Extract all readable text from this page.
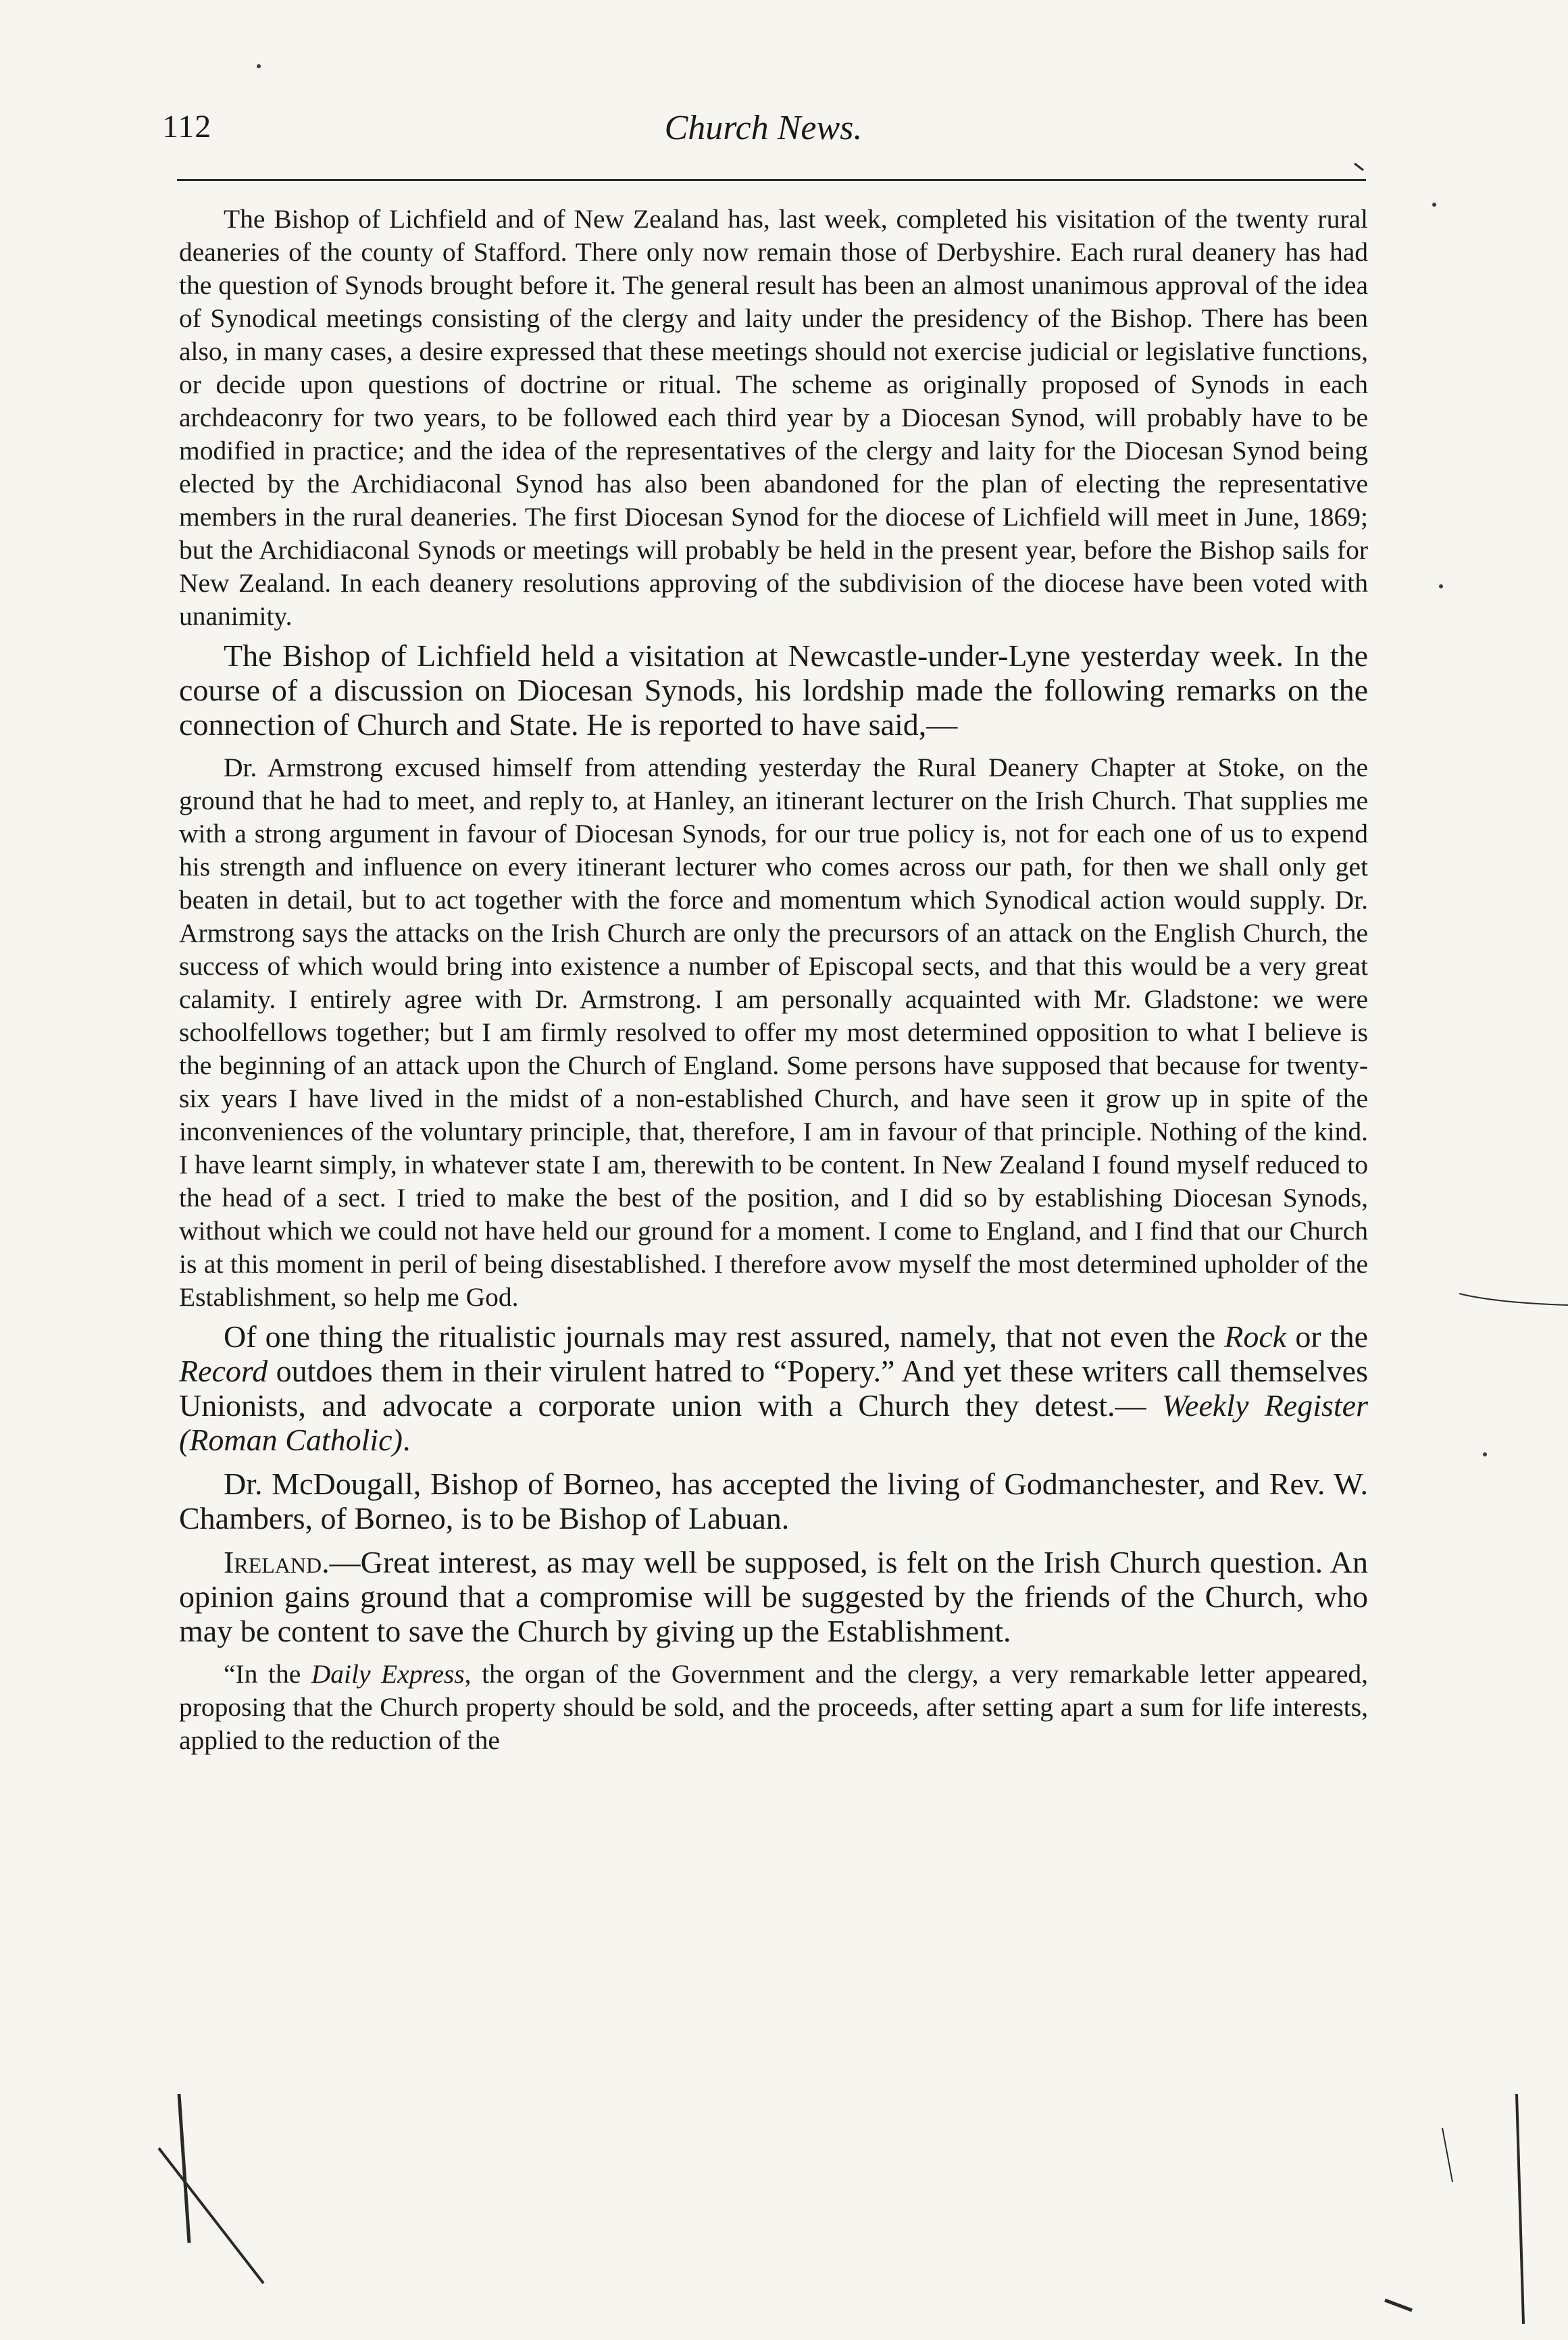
112	Church News.

The Bishop of Lichfield and of New Zealand has, last week, completed his visitation of the twenty rural deaneries of the county of Stafford. There only now remain those of Derbyshire. Each rural deanery has had the question of Synods brought before it. The general result has been an almost unanimous approval of the idea of Synodical meetings consisting of the clergy and laity under the presidency of the Bishop. There has been also, in many cases, a desire expressed that these meetings should not exercise judicial or legislative functions, or decide upon questions of doctrine or ritual. The scheme as originally proposed of Synods in each archdeaconry for two years, to be followed each third year by a Diocesan Synod, will probably have to be modified in practice; and the idea of the representatives of the clergy and laity for the Diocesan Synod being elected by the Archidiaconal Synod has also been abandoned for the plan of electing the representative members in the rural deaneries. The first Diocesan Synod for the diocese of Lichfield will meet in June, 1869; but the Archidiaconal Synods or meetings will probably be held in the present year, before the Bishop sails for New Zealand. In each deanery resolutions approving of the subdivision of the diocese have been voted with unanimity.

The Bishop of Lichfield held a visitation at Newcastle-under-Lyne yesterday week. In the course of a discussion on Diocesan Synods, his lordship made the following remarks on the connection of Church and State. He is reported to have said,—

Dr. Armstrong excused himself from attending yesterday the Rural Deanery Chapter at Stoke, on the ground that he had to meet, and reply to, at Hanley, an itinerant lecturer on the Irish Church. That supplies me with a strong argument in favour of Diocesan Synods, for our true policy is, not for each one of us to expend his strength and influence on every itinerant lecturer who comes across our path, for then we shall only get beaten in detail, but to act together with the force and momentum which Synodical action would supply. Dr. Armstrong says the attacks on the Irish Church are only the precursors of an attack on the English Church, the success of which would bring into existence a number of Episcopal sects, and that this would be a very great calamity. I entirely agree with Dr. Armstrong. I am personally acquainted with Mr. Gladstone: we were schoolfellows together; but I am firmly resolved to offer my most determined opposition to what I believe is the beginning of an attack upon the Church of England. Some persons have supposed that because for twenty-six years I have lived in the midst of a non-established Church, and have seen it grow up in spite of the inconveniences of the voluntary principle, that, therefore, I am in favour of that principle. Nothing of the kind. I have learnt simply, in whatever state I am, therewith to be content. In New Zealand I found myself reduced to the head of a sect. I tried to make the best of the position, and I did so by establishing Diocesan Synods, without which we could not have held our ground for a moment. I come to England, and I find that our Church is at this moment in peril of being disestablished. I therefore avow myself the most determined upholder of the Establishment, so help me God.

Of one thing the ritualistic journals may rest assured, namely, that not even the Rock or the Record outdoes them in their virulent hatred to “Popery.” And yet these writers call themselves Unionists, and advocate a corporate union with a Church they detest.— Weekly Register (Roman Catholic).

Dr. McDougall, Bishop of Borneo, has accepted the living of Godmanchester, and Rev. W. Chambers, of Borneo, is to be Bishop of Labuan.

Ireland.—Great interest, as may well be supposed, is felt on the Irish Church question. An opinion gains ground that a compromise will be suggested by the friends of the Church, who may be content to save the Church by giving up the Establishment.

“In the Daily Express, the organ of the Government and the clergy, a very remarkable letter appeared, proposing that the Church property should be sold, and the proceeds, after setting apart a sum for life interests, applied to the reduction of the
